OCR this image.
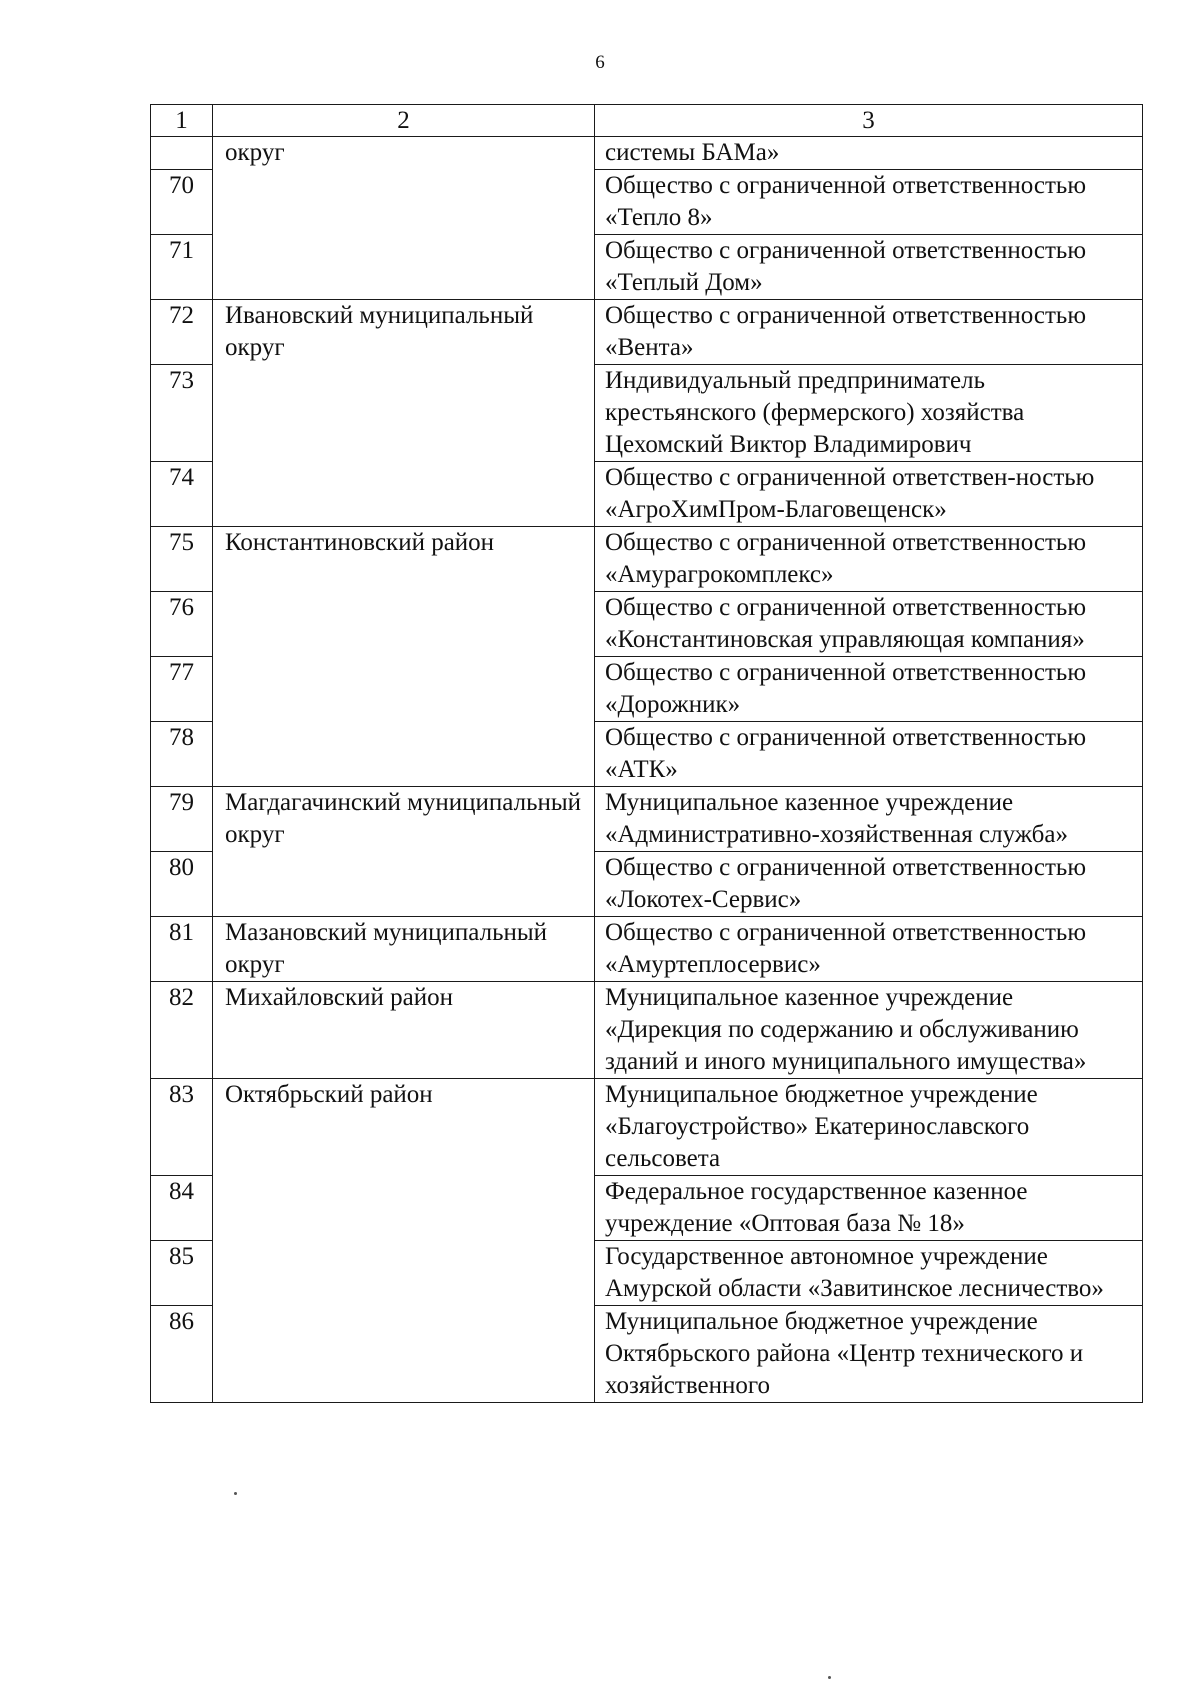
6
1	2	3
	округ	системы БАМа»
70		Общество с ограниченной ответственностью «Тепло 8»
71		Общество с ограниченной ответственностью «Теплый Дом»
72	Ивановский муниципальный округ	Общество с ограниченной ответственностью «Вента»
73		Индивидуальный предприниматель крестьянского (фермерского) хозяйства Цехомский Виктор Владимирович
74		Общество с ограниченной ответствен-ностью «АгроХимПром-Благовещенск»
75	Константиновский район	Общество с ограниченной ответственностью «Амурагрокомплекс»
76		Общество с ограниченной ответственностью «Константиновская управляющая компания»
77		Общество с ограниченной ответственностью «Дорожник»
78		Общество с ограниченной ответственностью «АТК»
79	Магдагачинский муниципальный округ	Муниципальное казенное учреждение «Административно-хозяйственная служба»
80		Общество с ограниченной ответственностью «Локотех-Сервис»
81	Мазановский муниципальный округ	Общество с ограниченной ответственностью «Амуртеплосервис»
82	Михайловский район	Муниципальное казенное учреждение «Дирекция по содержанию и обслуживанию зданий и иного муниципального имущества»
83	Октябрьский район	Муниципальное бюджетное учреждение «Благоустройство» Екатеринославского сельсовета
84		Федеральное государственное казенное учреждение «Оптовая база № 18»
85		Государственное автономное учреждение Амурской области «Завитинское лесничество»
86		Муниципальное бюджетное учреждение Октябрьского района «Центр технического и хозяйственного
